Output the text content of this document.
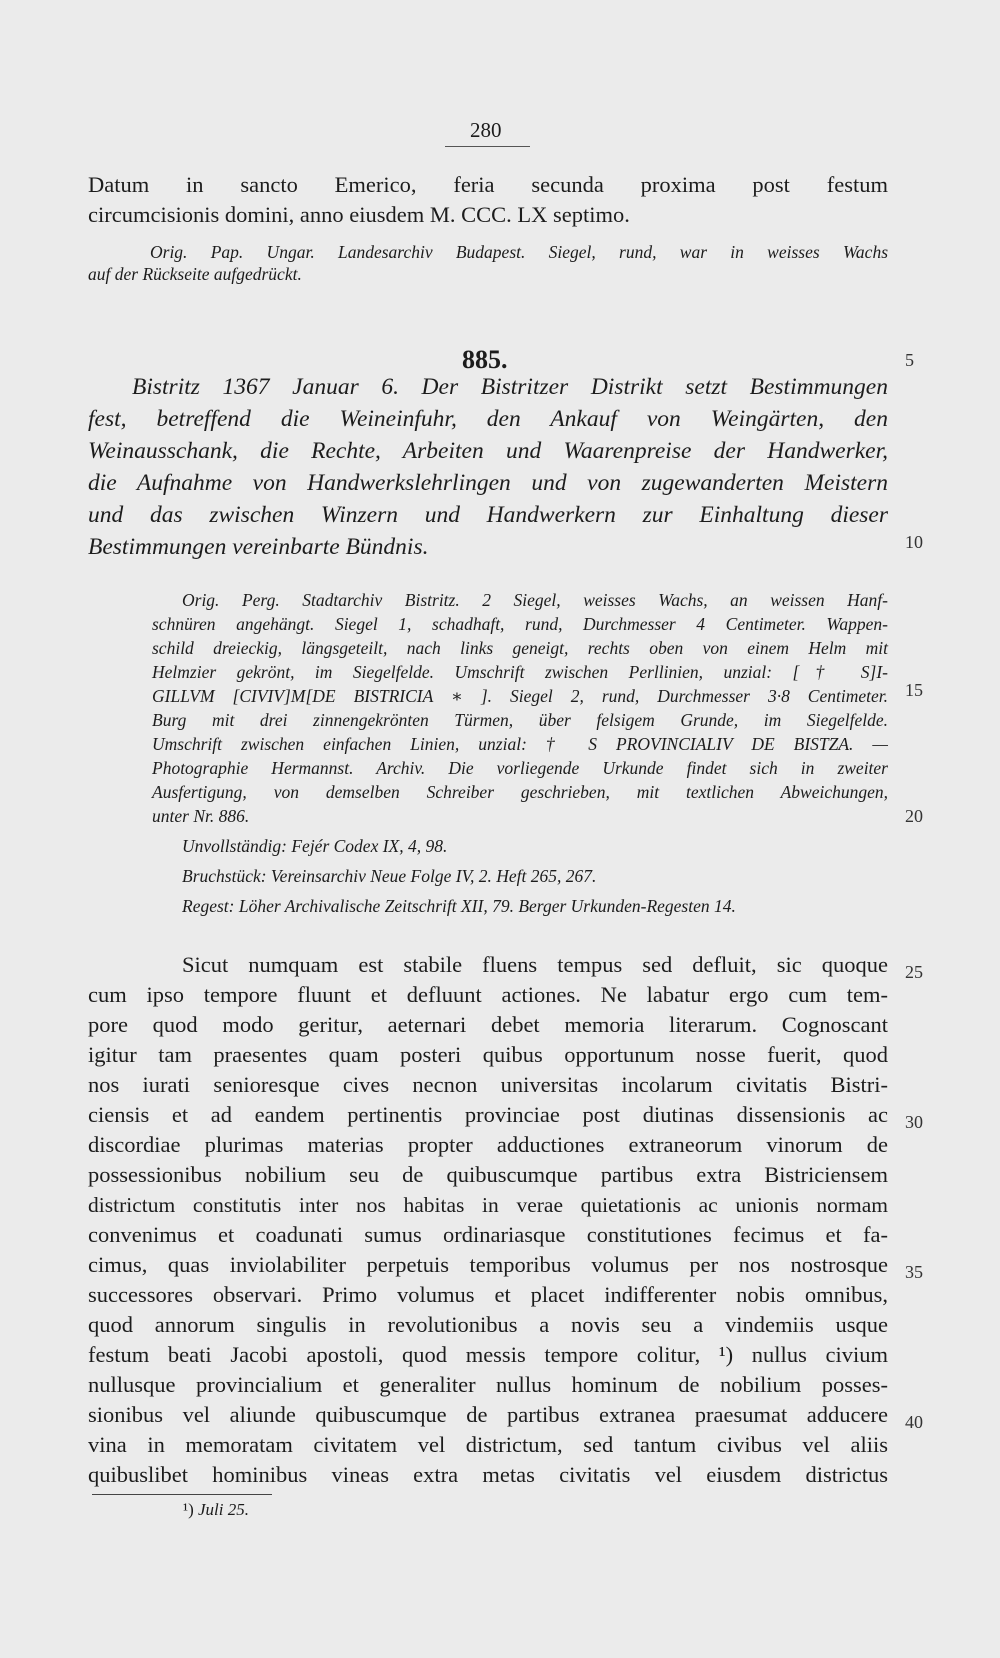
280
Datum in sancto Emerico, feria secunda proxima post festum
circumcisionis domini, anno eiusdem M. CCC. LX septimo.
Orig. Pap. Ungar. Landesarchiv Budapest. Siegel, rund, war in weisses Wachs
auf der Rückseite aufgedrückt.
885.
Bistritz 1367 Januar 6. Der Bistritzer Distrikt setzt Bestimmungen
fest, betreffend die Weineinfuhr, den Ankauf von Weingärten, den
Weinausschank, die Rechte, Arbeiten und Waarenpreise der Handwerker,
die Aufnahme von Handwerkslehrlingen und von zugewanderten Meistern
und das zwischen Winzern und Handwerkern zur Einhaltung dieser
Bestimmungen vereinbarte Bündnis.
Orig. Perg. Stadtarchiv Bistritz. 2 Siegel, weisses Wachs, an weissen Hanf-
schnüren angehängt. Siegel 1, schadhaft, rund, Durchmesser 4 Centimeter. Wappen-
schild dreieckig, längsgeteilt, nach links geneigt, rechts oben von einem Helm mit
Helmzier gekrönt, im Siegelfelde. Umschrift zwischen Perllinien, unzial: [† S]I-
GILLVM [CIVIV]M[DE BISTRICIA ∗ ]. Siegel 2, rund, Durchmesser 3·8 Centimeter.
Burg mit drei zinnengekrönten Türmen, über felsigem Grunde, im Siegelfelde.
Umschrift zwischen einfachen Linien, unzial: † S PROVINCIALIV DE BISTZA. —
Photographie Hermannst. Archiv. Die vorliegende Urkunde findet sich in zweiter
Ausfertigung, von demselben Schreiber geschrieben, mit textlichen Abweichungen,
unter Nr. 886.
Unvollständig: Fejér Codex IX, 4, 98.
Bruchstück: Vereinsarchiv Neue Folge IV, 2. Heft 265, 267.
Regest: Löher Archivalische Zeitschrift XII, 79. Berger Urkunden-Regesten 14.
Sicut numquam est stabile fluens tempus sed defluit, sic quoque
cum ipso tempore fluunt et defluunt actiones. Ne labatur ergo cum tem-
pore quod modo geritur, aeternari debet memoria literarum. Cognoscant
igitur tam praesentes quam posteri quibus opportunum nosse fuerit, quod
nos iurati senioresque cives necnon universitas incolarum civitatis Bistri-
ciensis et ad eandem pertinentis provinciae post diutinas dissensionis ac
discordiae plurimas materias propter adductiones extraneorum vinorum de
possessionibus nobilium seu de quibuscumque partibus extra Bistriciensem
districtum constitutis inter nos habitas in verae quietationis ac unionis normam
convenimus et coadunati sumus ordinariasque constitutiones fecimus et fa-
cimus, quas inviolabiliter perpetuis temporibus volumus per nos nostrosque
successores observari. Primo volumus et placet indifferenter nobis omnibus,
quod annorum singulis in revolutionibus a novis seu a vindemiis usque
festum beati Jacobi apostoli, quod messis tempore colitur, ¹) nullus civium
nullusque provincialium et generaliter nullus hominum de nobilium posses-
sionibus vel aliunde quibuscumque de partibus extranea praesumat adducere
vina in memoratam civitatem vel districtum, sed tantum civibus vel aliis
quibuslibet hominibus vineas extra metas civitatis vel eiusdem districtus
5
10
15
20
25
30
35
40
¹) Juli 25.
